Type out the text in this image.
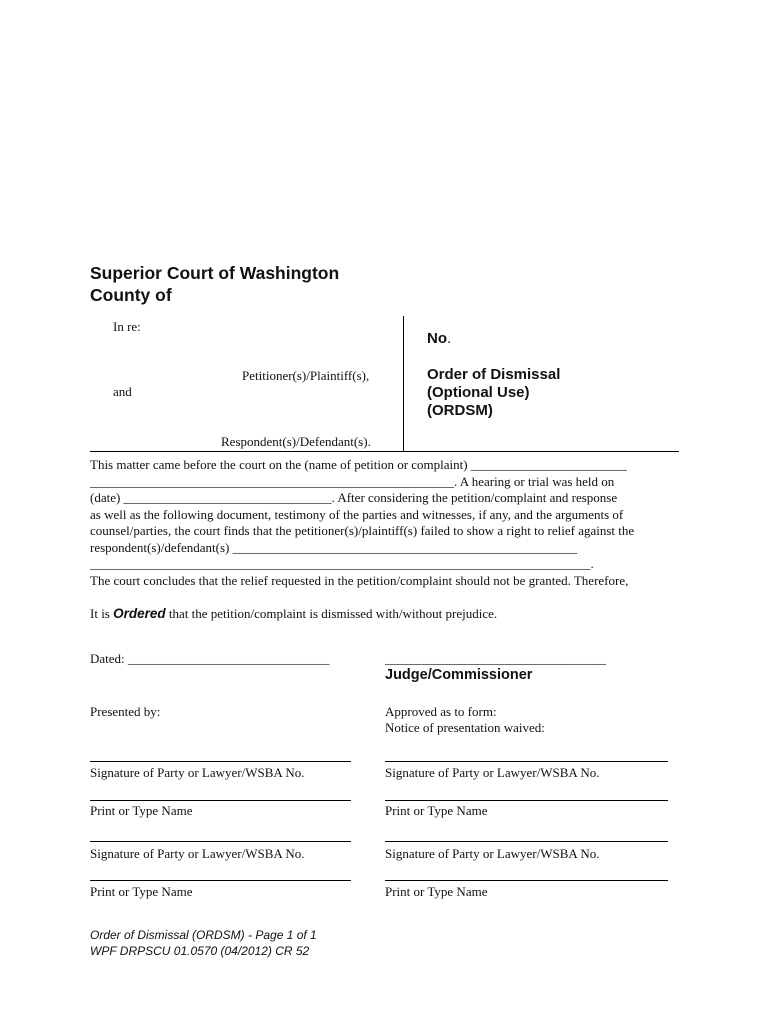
Superior Court of Washington
County of
In re:
Petitioner(s)/Plaintiff(s),
and
Respondent(s)/Defendant(s).
No.
Order of Dismissal
(Optional Use)
(ORDSM)
This matter came before the court on the (name of petition or complaint) ________________________
________________________________________________________. A hearing or trial was held on
(date) ________________________________. After considering the petition/complaint and response
as well as the following document, testimony of the parties and witnesses, if any, and the arguments of
counsel/parties, the court finds that the petitioner(s)/plaintiff(s) failed to show a right to relief against the
respondent(s)/defendant(s) _____________________________________________________
_____________________________________________________________________________.
The court concludes that the relief requested in the petition/complaint should not be granted. Therefore,
It is Ordered that the petition/complaint is dismissed with/without prejudice.
Dated: _______________________________	__________________________________
Judge/Commissioner
Presented by:	Approved as to form:
Notice of presentation waived:
Signature of Party or Lawyer/WSBA No.
Print or Type Name
Signature of Party or Lawyer/WSBA No.
Print or Type Name
Signature of Party or Lawyer/WSBA No.
Print or Type Name
Signature of Party or Lawyer/WSBA No.
Print or Type Name
Order of Dismissal (ORDSM) - Page 1 of 1
WPF DRPSCU 01.0570 (04/2012) CR 52
